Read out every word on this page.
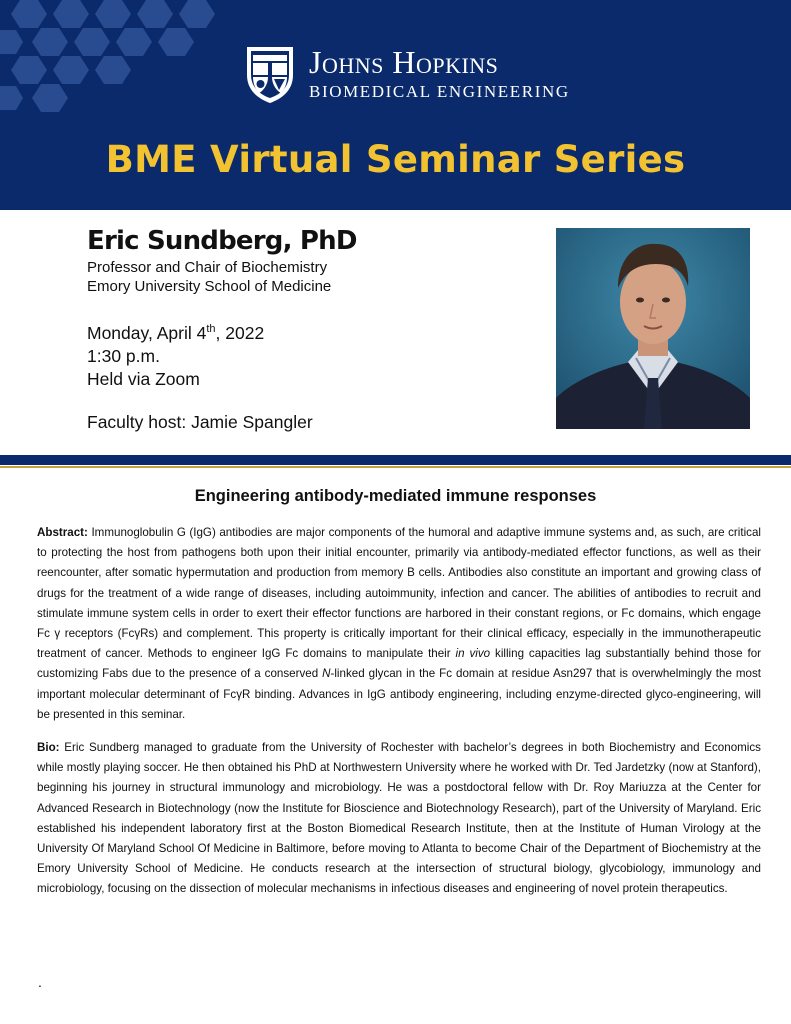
Johns Hopkins
BIOMEDICAL ENGINEERING
BME Virtual Seminar Series
Eric Sundberg, PhD
Professor and Chair of Biochemistry
Emory University School of Medicine
Monday, April 4th, 2022
1:30 p.m.
Held via Zoom
Faculty host: Jamie Spangler
Engineering antibody-mediated immune responses
Abstract: Immunoglobulin G (IgG) antibodies are major components of the humoral and adaptive immune systems and, as such, are critical to protecting the host from pathogens both upon their initial encounter, primarily via antibody-mediated effector functions, as well as their reencounter, after somatic hypermutation and production from memory B cells. Antibodies also constitute an important and growing class of drugs for the treatment of a wide range of diseases, including autoimmunity, infection and cancer. The abilities of antibodies to recruit and stimulate immune system cells in order to exert their effector functions are harbored in their constant regions, or Fc domains, which engage Fc γ receptors (FcγRs) and complement. This property is critically important for their clinical efficacy, especially in the immunotherapeutic treatment of cancer. Methods to engineer IgG Fc domains to manipulate their in vivo killing capacities lag substantially behind those for customizing Fabs due to the presence of a conserved N-linked glycan in the Fc domain at residue Asn297 that is overwhelmingly the most important molecular determinant of FcγR binding. Advances in IgG antibody engineering, including enzyme-directed glyco-engineering, will be presented in this seminar.
Bio: Eric Sundberg managed to graduate from the University of Rochester with bachelor’s degrees in both Biochemistry and Economics while mostly playing soccer. He then obtained his PhD at Northwestern University where he worked with Dr. Ted Jardetzky (now at Stanford), beginning his journey in structural immunology and microbiology. He was a postdoctoral fellow with Dr. Roy Mariuzza at the Center for Advanced Research in Biotechnology (now the Institute for Bioscience and Biotechnology Research), part of the University of Maryland. Eric established his independent laboratory first at the Boston Biomedical Research Institute, then at the Institute of Human Virology at the University Of Maryland School Of Medicine in Baltimore, before moving to Atlanta to become Chair of the Department of Biochemistry at the Emory University School of Medicine. He conducts research at the intersection of structural biology, glycobiology, immunology and microbiology, focusing on the dissection of molecular mechanisms in infectious diseases and engineering of novel protein therapeutics.
.
